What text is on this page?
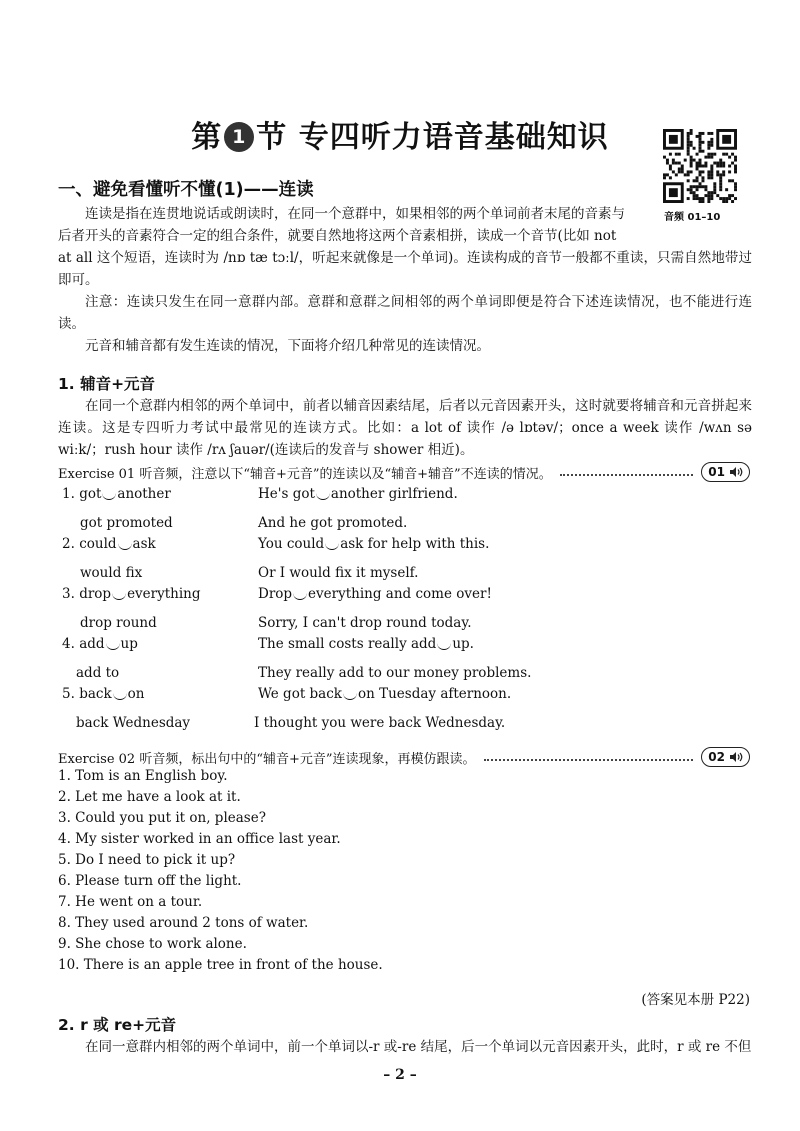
第 1 节 专四听力语音基础知识
音频 01–10
一、避免看懂听不懂(1)——连读
连读是指在连贯地说话或朗读时，在同一个意群中，如果相邻的两个单词前者末尾的音素与
后者开头的音素符合一定的组合条件，就要自然地将这两个音素相拼，读成一个音节(比如 not
at all 这个短语，连读时为 /nɒ tæ tɔːl/，听起来就像是一个单词)。连读构成的音节一般都不重读，只需自然地带过即可。
注意：连读只发生在同一意群内部。意群和意群之间相邻的两个单词即便是符合下述连读情况，也不能进行连读。
元音和辅音都有发生连读的情况，下面将介绍几种常见的连读情况。
1. 辅音+元音
在同一个意群内相邻的两个单词中，前者以辅音因素结尾，后者以元音因素开头，这时就要将辅音和元音拼起来连读。这是专四听力考试中最常见的连读方式。比如：a lot of 读作 /ə lɒtəv/；once a week 读作 /wʌn sə wiːk/；rush hour 读作 /rʌ ʃauər/(连读后的发音与 shower 相近)。
Exercise 01 听音频，注意以下“辅音+元音”的连读以及“辅音+辅音”不连读的情况。	01
1. got another	He's got another girlfriend.
got promoted	And he got promoted.
2. could ask	You could ask for help with this.
would fix	Or I would fix it myself.
3. drop everything	Drop everything and come over!
drop round	Sorry, I can't drop round today.
4. add up	The small costs really add up.
add to	They really add to our money problems.
5. back on	We got back on Tuesday afternoon.
back Wednesday	I thought you were back Wednesday.
Exercise 02 听音频，标出句中的“辅音+元音”连读现象，再模仿跟读。	02
1. Tom is an English boy.
2. Let me have a look at it.
3. Could you put it on, please?
4. My sister worked in an office last year.
5. Do I need to pick it up?
6. Please turn off the light.
7. He went on a tour.
8. They used around 2 tons of water.
9. She chose to work alone.
10. There is an apple tree in front of the house.
(答案见本册 P22)
2. r 或 re+元音
在同一意群内相邻的两个单词中，前一个单词以-r 或-re 结尾，后一个单词以元音因素开头，此时，r 或 re 不但
– 2 –
